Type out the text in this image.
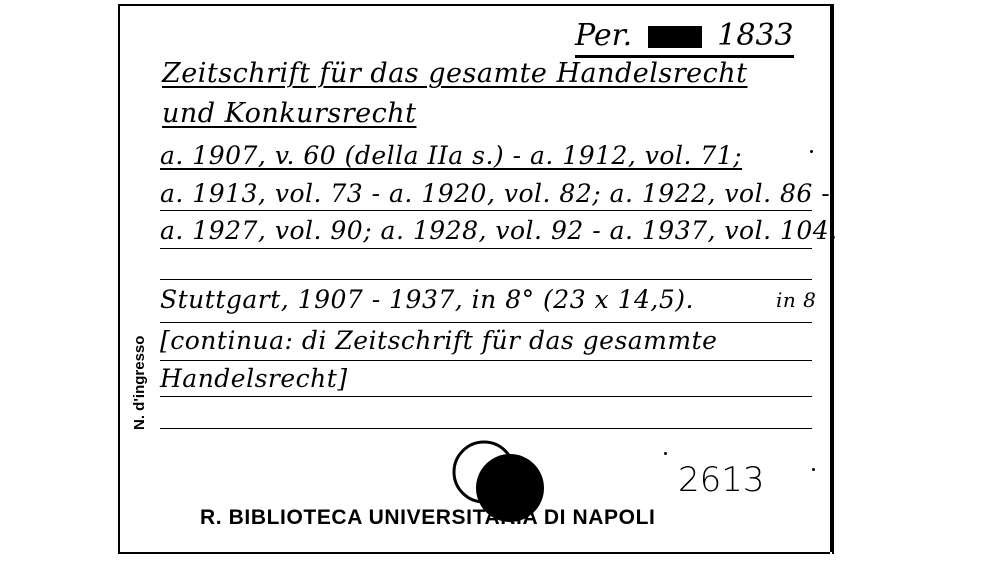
Per.	1833
Zeitschrift für das gesamte Handelsrecht
und Konkursrecht
a. 1907, v. 60 (della IIa s.) - a. 1912, vol. 71;
a. 1913, vol. 73 - a. 1920, vol. 82; a. 1922, vol. 86 -
a. 1927, vol. 90; a. 1928, vol. 92 - a. 1937, vol. 104.
Stuttgart, 1907 - 1937, in 8° (23 x 14,5).	in 8
[continua: di Zeitschrift für das gesammte
Handelsrecht]
2613
R. BIBLIOTECA UNIVERSITARIA DI NAPOLI
